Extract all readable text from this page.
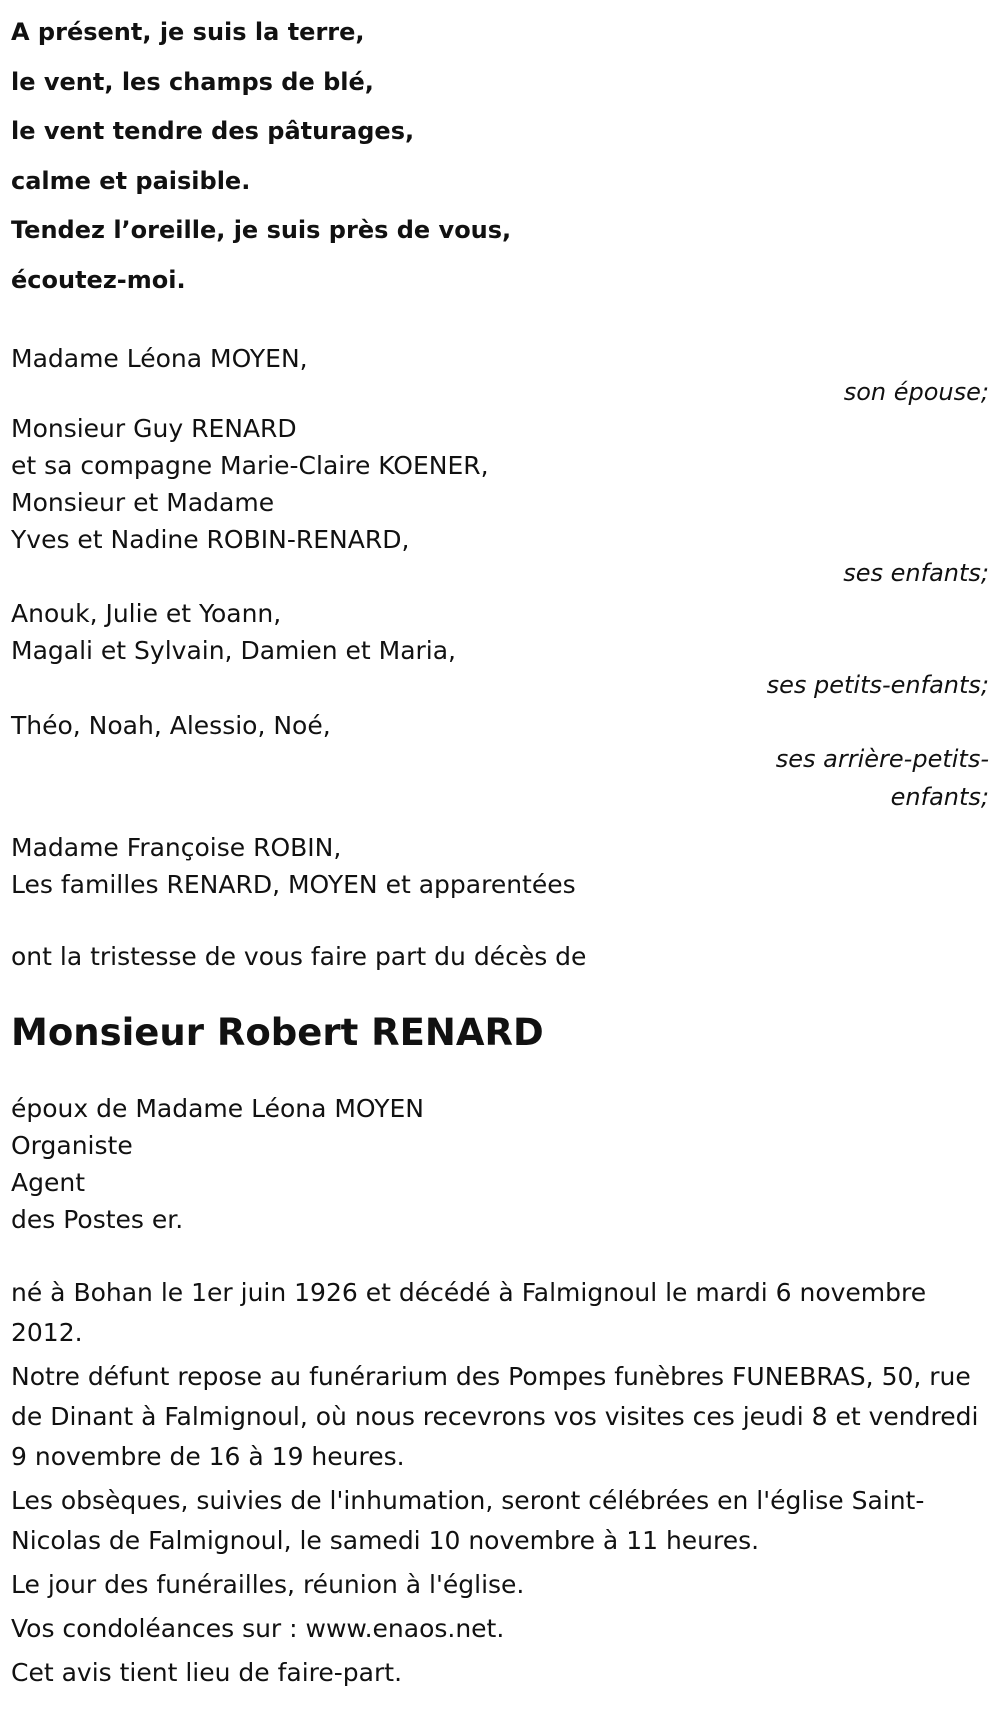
A présent, je suis la terre,
le vent, les champs de blé,
le vent tendre des pâturages,
calme et paisible.
Tendez l’oreille, je suis près de vous,
écoutez-moi.
Madame Léona MOYEN,
son épouse;
Monsieur Guy RENARD
et sa compagne Marie-Claire KOENER,
Monsieur et Madame
Yves et Nadine ROBIN-RENARD,
ses enfants;
Anouk, Julie et Yoann,
Magali et Sylvain, Damien et Maria,
ses petits-enfants;
Théo, Noah, Alessio, Noé,
ses arrière-petits-
enfants;
Madame Françoise ROBIN,
Les familles RENARD, MOYEN et apparentées
ont la tristesse de vous faire part du décès de
Monsieur Robert RENARD
époux de Madame Léona MOYEN
Organiste
Agent
des Postes er.
né à Bohan le 1er juin 1926 et décédé à Falmignoul le mardi 6 novembre 2012.
Notre défunt repose au funérarium des Pompes funèbres FUNEBRAS, 50, rue de Dinant à Falmignoul, où nous recevrons vos visites ces jeudi 8 et vendredi 9 novembre de 16 à 19 heures.
Les obsèques, suivies de l'inhumation, seront célébrées en l'église Saint-Nicolas de Falmignoul, le samedi 10 novembre à 11 heures.
Le jour des funérailles, réunion à l'église.
Vos condoléances sur : www.enaos.net.
Cet avis tient lieu de faire-part.
